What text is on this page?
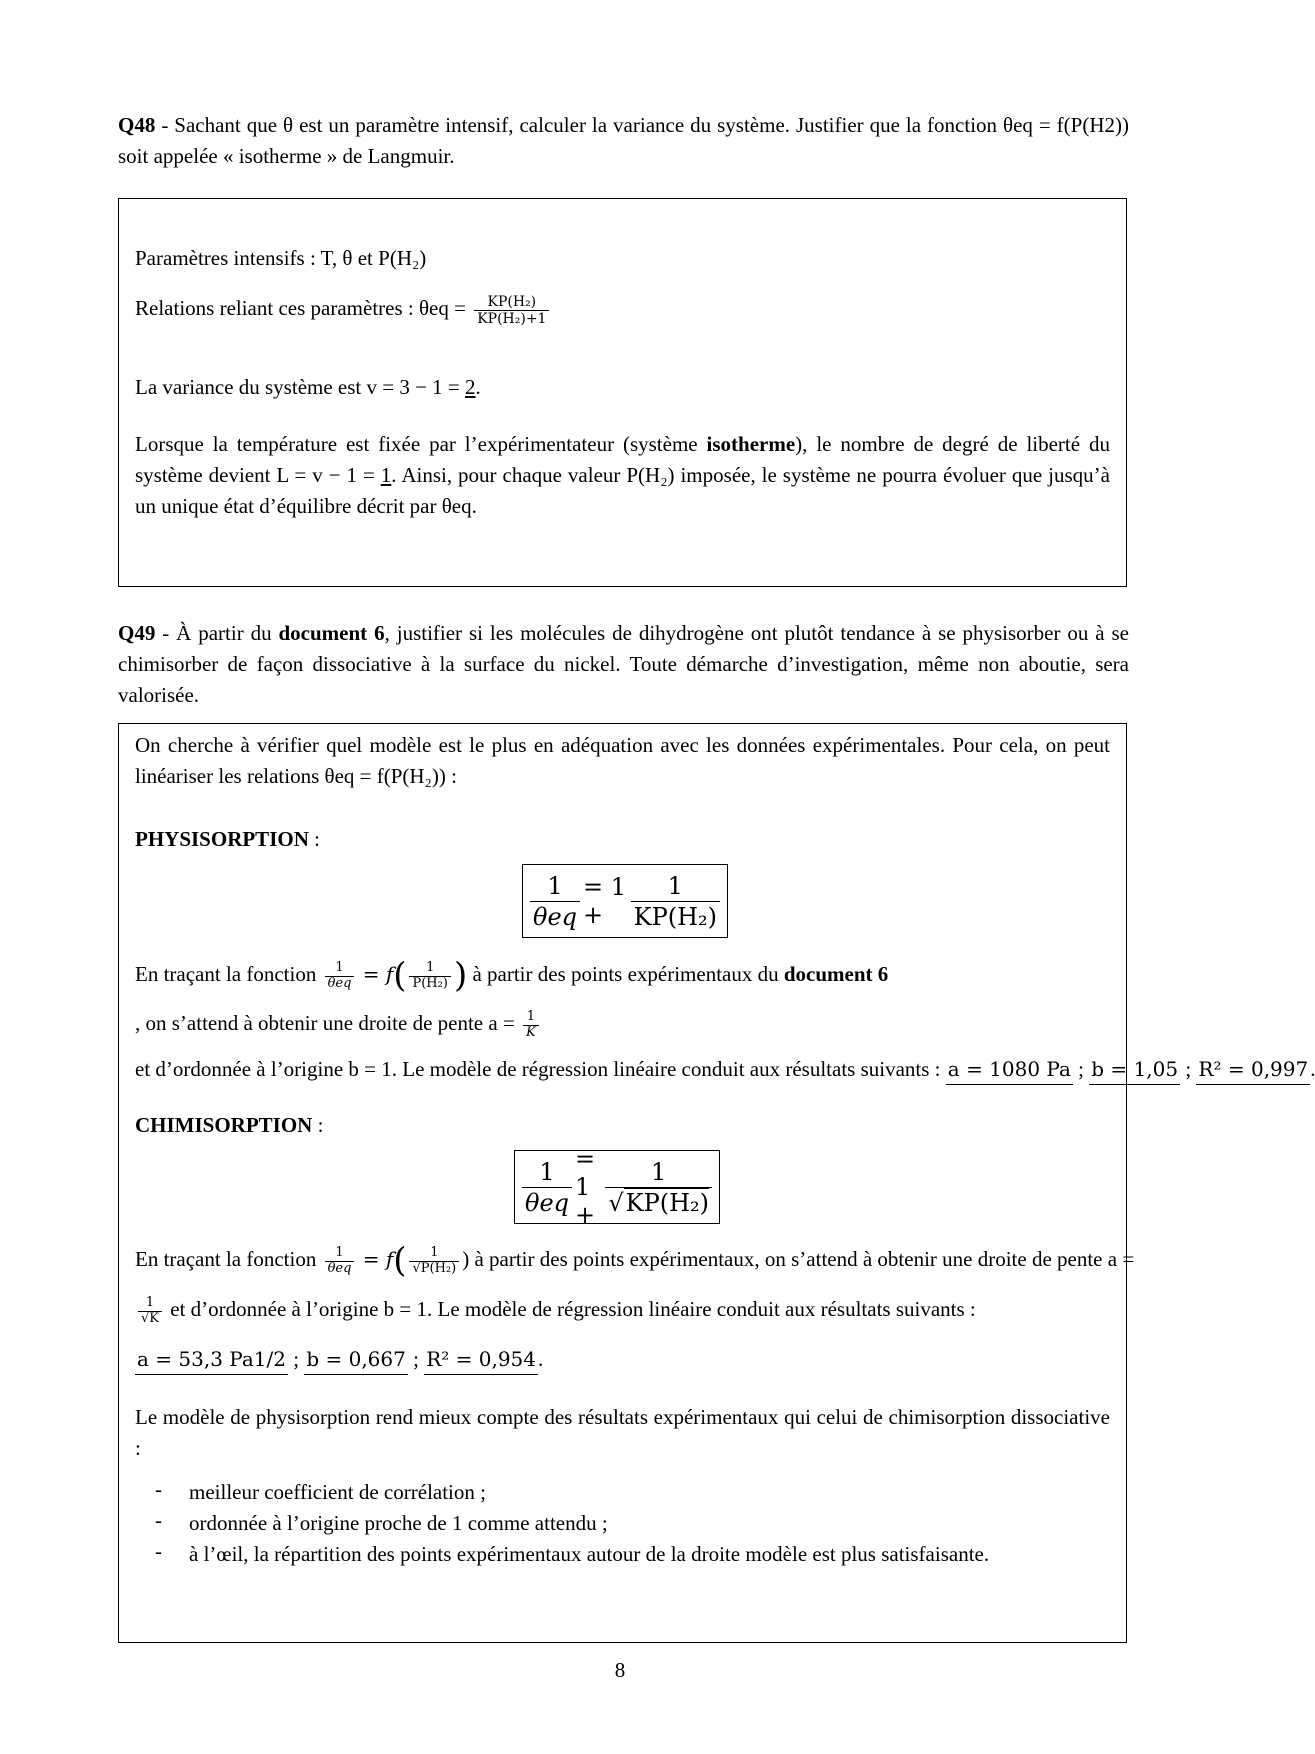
Q48 - Sachant que θ est un paramètre intensif, calculer la variance du système. Justifier que la fonction θeq = f(P(H2)) soit appelée « isotherme » de Langmuir.
Paramètres intensifs : T, θ et P(H₂)
Relations reliant ces paramètres : $\theta eq = \frac{\text{KP(H₂)}}{\text{KP(H₂)+1}}$
La variance du système est v = 3 − 1 = 2.
Lorsque la température est fixée par l’expérimentateur (système isotherme), le nombre de degré de liberté du système devient L = v − 1 = 1. Ainsi, pour chaque valeur P(H₂) imposée, le système ne pourra évoluer que jusqu’à un unique état d’équilibre décrit par θeq.
Q49 - À partir du document 6, justifier si les molécules de dihydrogène ont plutôt tendance à se physisorber ou à se chimisorber de façon dissociative à la surface du nickel. Toute démarche d’investigation, même non aboutie, sera valorisée.
On cherche à vérifier quel modèle est le plus en adéquation avec les données expérimentales. Pour cela, on peut linéariser les relations θeq = f(P(H₂)) :
PHYSISORPTION :
$\frac{1}{\text{θeq}} = 1$ +	$\frac{1}{\text{KP(H₂)}}$
En traçant la fonction $\frac{1}{\text{θeq}} = f( \frac{1}{\text{P(H₂)}}$ ) à partir des points expérimentaux du document 6
, on s’attend à obtenir une droite de pente $a = \frac{1}{K}$
et d’ordonnée à l’origine b = 1. Le modèle de régression linéaire conduit aux résultats suivants : a = 1080 Pa ; b = 1,05 ; R² = 0,997.
CHIMISORPTION :
$\frac{1}{\text{θeq}} = 1 + \frac{1}{\text{√KP(H₂)}}$
En traçant la fonction $\frac{1}{\text{θeq}} = f( \frac{1}{\text{√P(H₂)}}$ ) à partir des points expérimentaux, on s’attend à obtenir une droite de pente a =
$\frac{1}{√K}$ et d’ordonnée à l’origine b = 1. Le modèle de régression linéaire conduit aux résultats suivants :
a = 53,3 Pa1/2 ; b = 0,667 ; R² = 0,954.
Le modèle de physisorption rend mieux compte des résultats expérimentaux qui celui de chimisorption dissociative :
- meilleur coefficient de corrélation ;
- ordonnée à l’origine proche de 1 comme attendu ;
- à l’œil, la répartition des points expérimentaux autour de la droite modèle est plus satisfaisante.
8
